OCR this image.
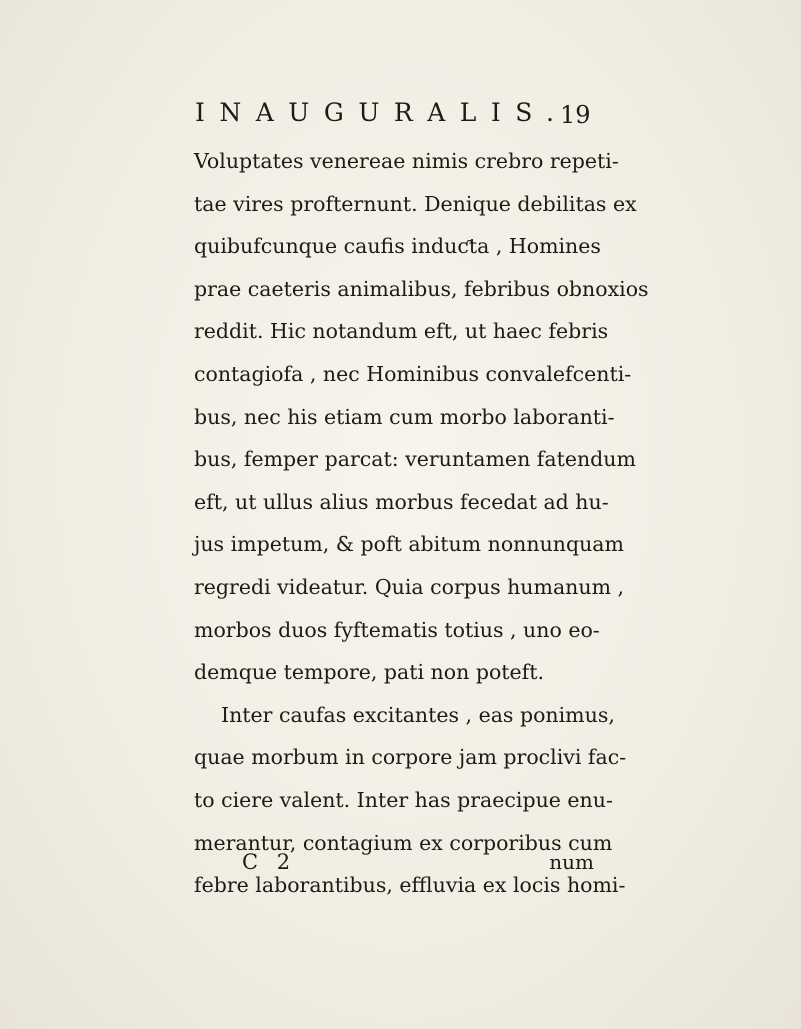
INAUGURALIS.
19
Voluptates venereae nimis crebro repeti-
tae vires profternunt. Denique debilitas ex
quibufcunque caufis induƈta , Homines
prae caeteris animalibus, febribus obnoxios
reddit. Hic notandum eft, ut haec febris
contagiofa , nec Hominibus convalefcenti-
bus, nec his etiam cum morbo laboranti-
bus, femper parcat: veruntamen fatendum
eft, ut ullus alius morbus fecedat ad hu-
jus impetum, & poft abitum nonnunquam
regredi videatur. Quia corpus humanum ,
morbos duos fyftematis totius , uno eo-
demque tempore, pati non poteft.
Inter caufas excitantes , eas ponimus,
quae morbum in corpore jam proclivi fac-
to ciere valent. Inter has praecipue enu-
merantur, contagium ex corporibus cum
febre laborantibus, effluvia ex locis homi-
C 2	num
